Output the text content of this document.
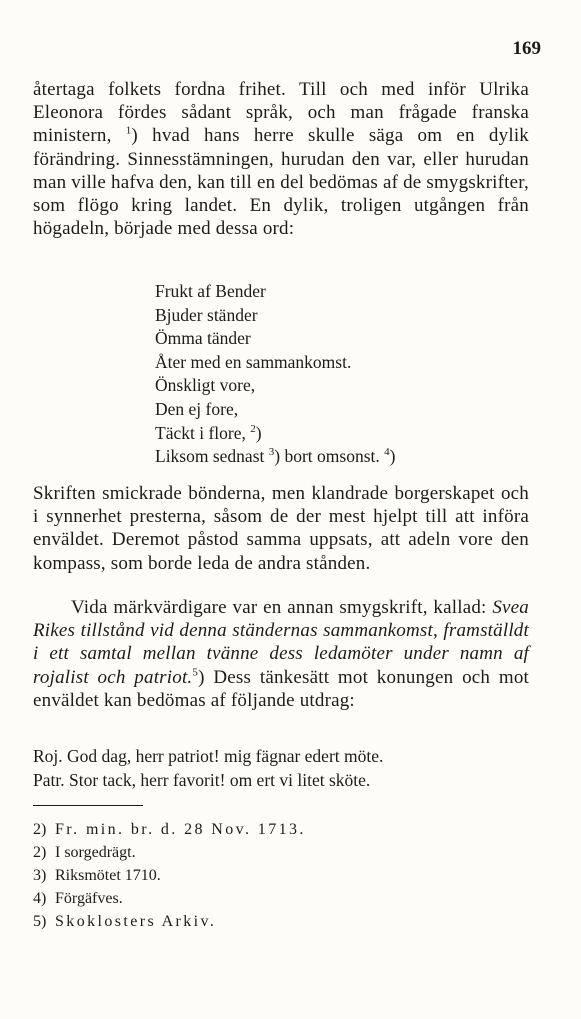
169

återtaga folkets fordna frihet. Till och med inför Ulrika Eleonora fördes sådant språk, och man frågade franska ministern, $^1$) hvad hans herre skulle säga om en dylik förändring. Sinnesstämningen, hurudan den var, eller hurudan man ville hafva den, kan till en del bedömas af de smygskrifter, som flögo kring landet. En dylik, troligen utgången från högadeln, började med dessa ord:

Frukt af Bender
Bjuder ständer
Ömma tänder
Åter med en sammankomst.
Önskligt vore,
Den ej fore,
Täckt i flore, $^2$)
Liksom sednast $^3$) bort omsonst. $^4$)

Skriften smickrade bönderna, men klandrade borgerskapet och i synnerhet presterna, såsom de der mest hjelpt till att införa enväldet. Deremot påstod samma uppsats, att adeln vore den kompass, som borde leda de andra stånden.

Vida märkvärdigare var en annan smygskrift, kallad: Svea Rikes tillstånd vid denna ständernas sammankomst, framställdt i ett samtal mellan tvänne dess ledamöter under namn af rojalist och patriot.$^5$) Dess tänkesätt mot konungen och mot enväldet kan bedömas af följande utdrag:

Roj. God dag, herr patriot! mig fägnar edert möte.
Patr. Stor tack, herr favorit! om ert vi litet sköte.
2) Fr. min. br. d. 28 Nov. 1713.
2) I sorgedrägt.
3) Riksmötet 1710.
4) Förgäfves.
5) Skoklosters Arkiv.
